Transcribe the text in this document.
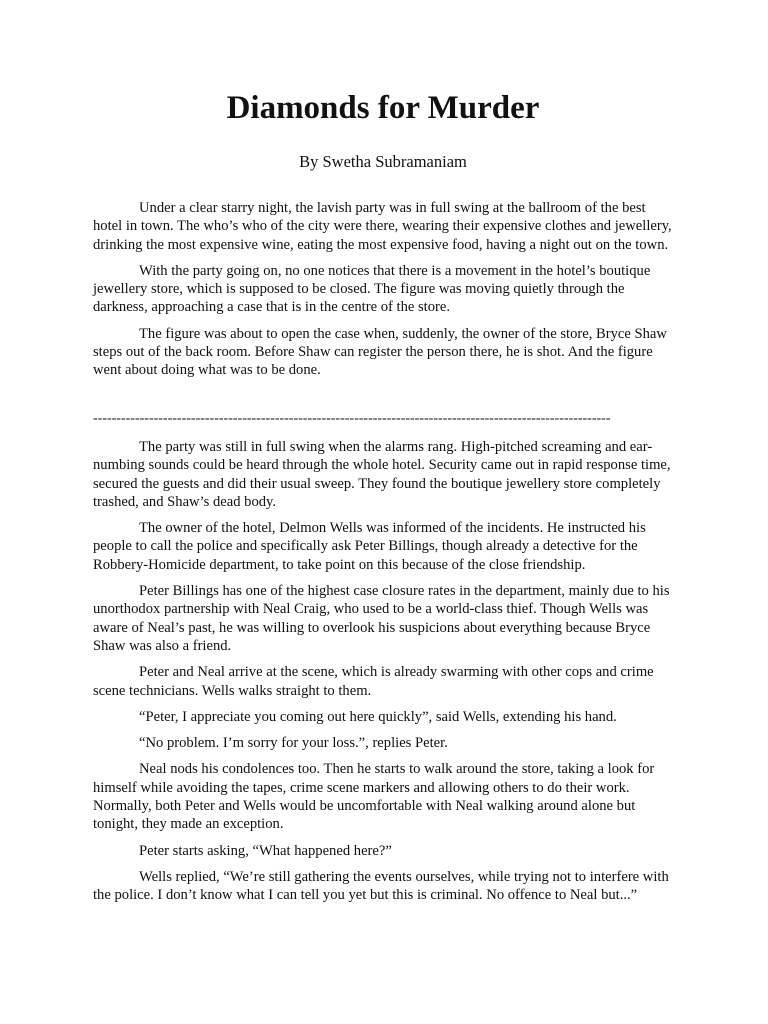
Diamonds for Murder

By Swetha Subramaniam

Under a clear starry night, the lavish party was in full swing at the ballroom of the best hotel in town. The who’s who of the city were there, wearing their expensive clothes and jewellery, drinking the most expensive wine, eating the most expensive food, having a night out on the town.

With the party going on, no one notices that there is a movement in the hotel’s boutique jewellery store, which is supposed to be closed. The figure was moving quietly through the darkness, approaching a case that is in the centre of the store.

The figure was about to open the case when, suddenly, the owner of the store, Bryce Shaw steps out of the back room. Before Shaw can register the person there, he is shot. And the figure went about doing what was to be done.

---------------------------------------------------------------------------------------------------------------

The party was still in full swing when the alarms rang. High-pitched screaming and ear-numbing sounds could be heard through the whole hotel. Security came out in rapid response time, secured the guests and did their usual sweep. They found the boutique jewellery store completely trashed, and Shaw’s dead body.

The owner of the hotel, Delmon Wells was informed of the incidents. He instructed his people to call the police and specifically ask Peter Billings, though already a detective for the Robbery-Homicide department, to take point on this because of the close friendship.

Peter Billings has one of the highest case closure rates in the department, mainly due to his unorthodox partnership with Neal Craig, who used to be a world-class thief. Though Wells was aware of Neal’s past, he was willing to overlook his suspicions about everything because Bryce Shaw was also a friend.

Peter and Neal arrive at the scene, which is already swarming with other cops and crime scene technicians. Wells walks straight to them.

“Peter, I appreciate you coming out here quickly”, said Wells, extending his hand.

“No problem. I’m sorry for your loss.”, replies Peter.

Neal nods his condolences too. Then he starts to walk around the store, taking a look for himself while avoiding the tapes, crime scene markers and allowing others to do their work. Normally, both Peter and Wells would be uncomfortable with Neal walking around alone but tonight, they made an exception.

Peter starts asking, “What happened here?”

Wells replied, “We’re still gathering the events ourselves, while trying not to interfere with the police. I don’t know what I can tell you yet but this is criminal. No offence to Neal but...”
